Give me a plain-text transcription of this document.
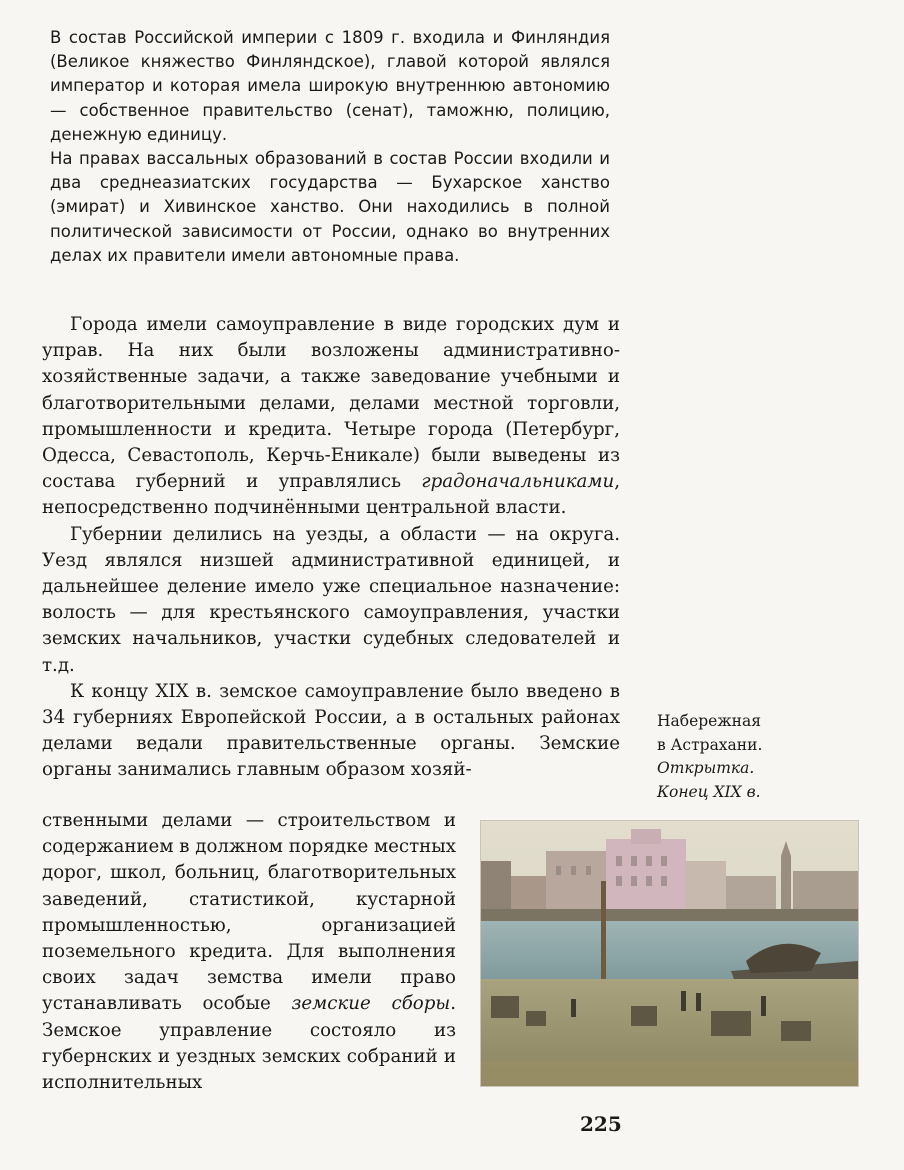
В состав Российской империи с 1809 г. входила и Финляндия (Великое княжество Финляндское), главой которой являлся император и которая имела широкую внутреннюю автономию — собственное правительство (сенат), таможню, полицию, денежную единицу.

На правах вассальных образований в состав России входили и два среднеазиатских государства — Бухарское ханство (эмират) и Хивинское ханство. Они находились в полной политической зависимости от России, однако во внутренних делах их правители имели автономные права.

Города имели самоуправление в виде городских дум и управ. На них были возложены административно-хозяйственные задачи, а также заведование учебными и благотворительными делами, делами местной торговли, промышленности и кредита. Четыре города (Петербург, Одесса, Севастополь, Керчь-Еникале) были выведены из состава губерний и управлялись градоначальниками, непосредственно подчинёнными центральной власти.

Губернии делились на уезды, а области — на округа. Уезд являлся низшей административной единицей, и дальнейшее деление имело уже специальное назначение: волость — для крестьянского самоуправления, участки земских начальников, участки судебных следователей и т.д.

К концу XIX в. земское самоуправление было введено в 34 губерниях Европейской России, а в остальных районах делами ведали правительственные органы. Земские органы занимались главным образом хозяй-

ственными делами — строительством и содержанием в должном порядке местных дорог, школ, больниц, благотворительных заведений, статистикой, кустарной промышленностью, организацией поземельного кредита. Для выполнения своих задач земства имели право устанавливать особые земские сборы. Земское управление состояло из губернских и уездных земских собраний и исполнительных

Набережная
в Астрахани.
Открытка.
Конец XIX в.
225
